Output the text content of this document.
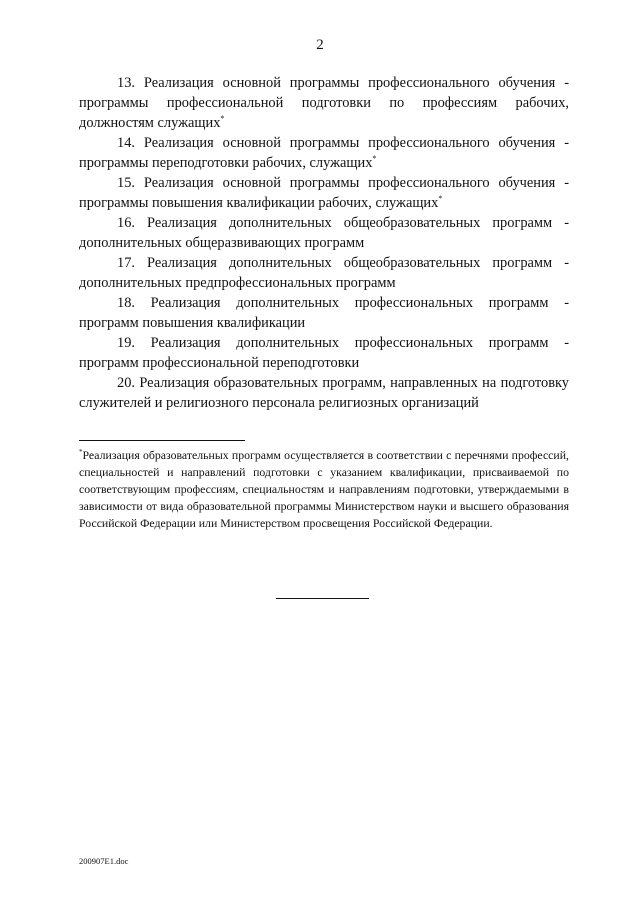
2

13. Реализация основной программы профессионального обучения - программы профессиональной подготовки по профессиям рабочих, должностям служащих*

14. Реализация основной программы профессионального обучения - программы переподготовки рабочих, служащих*

15. Реализация основной программы профессионального обучения - программы повышения квалификации рабочих, служащих*

16. Реализация дополнительных общеобразовательных программ - дополнительных общеразвивающих программ

17. Реализация дополнительных общеобразовательных программ - дополнительных предпрофессиональных программ

18. Реализация дополнительных профессиональных программ - программ повышения квалификации

19. Реализация дополнительных профессиональных программ - программ профессиональной переподготовки

20. Реализация образовательных программ, направленных на подготовку служителей и религиозного персонала религиозных организаций

*Реализация образовательных программ осуществляется в соответствии с перечнями профессий, специальностей и направлений подготовки с указанием квалификации, присваиваемой по соответствующим профессиям, специальностям и направлениям подготовки, утверждаемыми в зависимости от вида образовательной программы Министерством науки и высшего образования Российской Федерации или Министерством просвещения Российской Федерации.

200907E1.doc
